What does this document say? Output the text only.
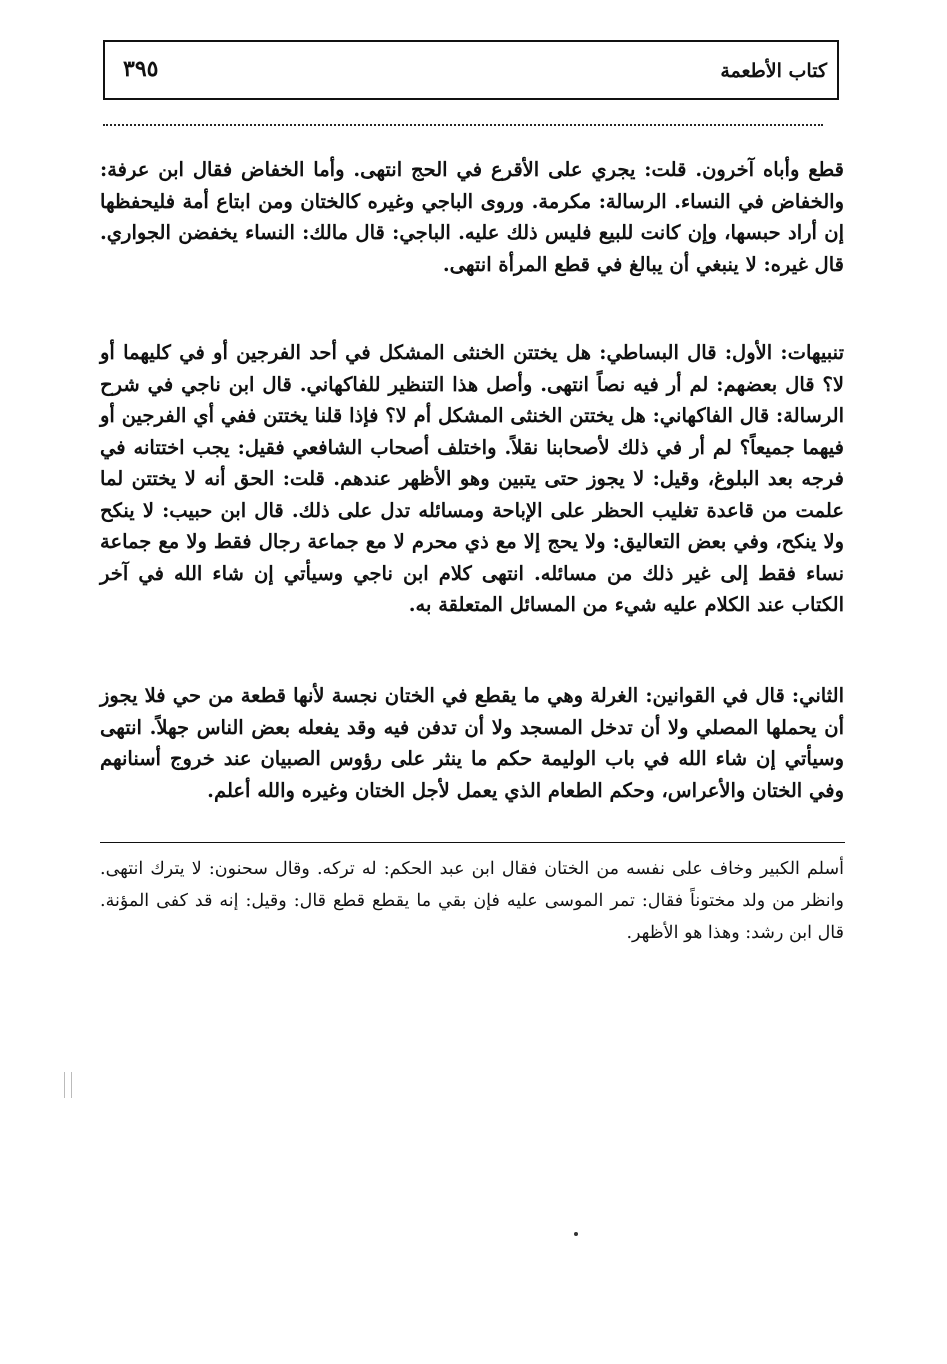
كتاب الأطعمة
٣٩٥

قطع وأباه آخرون. قلت: يجري على الأقرع في الحج انتهى. وأما الخفاض فقال ابن عرفة: والخفاض في النساء. الرسالة: مكرمة. وروى الباجي وغيره كالختان ومن ابتاع أمة فليحفظها إن أراد حبسها، وإن كانت للبيع فليس ذلك عليه. الباجي: قال مالك: النساء يخفضن الجواري. قال غيره: لا ينبغي أن يبالغ في قطع المرأة انتهى.

تنبيهات: الأول: قال البساطي: هل يختتن الخنثى المشكل في أحد الفرجين أو في كليهما أو لا؟ قال بعضهم: لم أر فيه نصاً انتهى. وأصل هذا التنظير للفاكهاني. قال ابن ناجي في شرح الرسالة: قال الفاكهاني: هل يختتن الخنثى المشكل أم لا؟ فإذا قلنا يختتن ففي أي الفرجين أو فيهما جميعاً؟ لم أر في ذلك لأصحابنا نقلاً. واختلف أصحاب الشافعي فقيل: يجب اختتانه في فرجه بعد البلوغ، وقيل: لا يجوز حتى يتبين وهو الأظهر عندهم. قلت: الحق أنه لا يختتن لما علمت من قاعدة تغليب الحظر على الإباحة ومسائله تدل على ذلك. قال ابن حبيب: لا ينكح ولا ينكح، وفي بعض التعاليق: ولا يحج إلا مع ذي محرم لا مع جماعة رجال فقط ولا مع جماعة نساء فقط إلى غير ذلك من مسائله. انتهى كلام ابن ناجي وسيأتي إن شاء الله في آخر الكتاب عند الكلام عليه شيء من المسائل المتعلقة به.

الثاني: قال في القوانين: الغرلة وهي ما يقطع في الختان نجسة لأنها قطعة من حي فلا يجوز أن يحملها المصلي ولا أن تدخل المسجد ولا أن تدفن فيه وقد يفعله بعض الناس جهلاً. انتهى وسيأتي إن شاء الله في باب الوليمة حكم ما ينثر على رؤوس الصبيان عند خروج أسنانهم وفي الختان والأعراس، وحكم الطعام الذي يعمل لأجل الختان وغيره والله أعلم.

أسلم الكبير وخاف على نفسه من الختان فقال ابن عبد الحكم: له تركه. وقال سحنون: لا يترك انتهى. وانظر من ولد مختوناً فقال: تمر الموسى عليه فإن بقي ما يقطع قطع قال: وقيل: إنه قد كفى المؤنة. قال ابن رشد: وهذا هو الأظهر.
